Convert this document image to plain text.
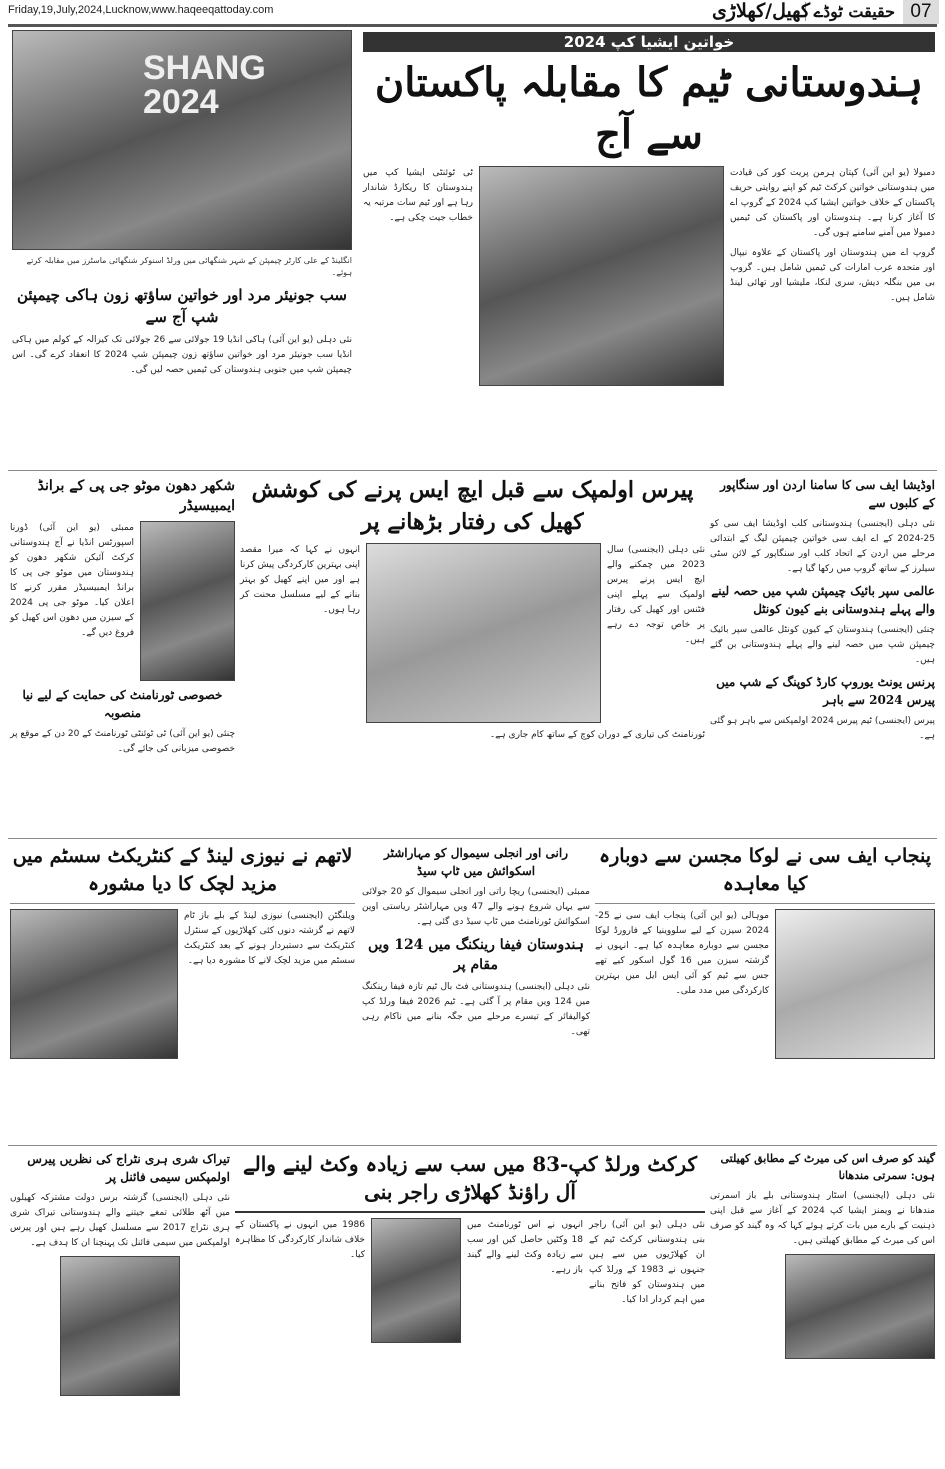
Friday,19,July,2024,Lucknow,www.haqeeqattoday.com	07
حقیقت ٹوڈے
کھیل/کھلاڑی
SHANG
2024
انگلینڈ کے علی کارٹر چیمپئن کے شہر شنگھائی میں ورلڈ اسنوکر شنگھائی ماسٹرز میں مقابلہ کرتے ہوئے۔
سب جونیئر مرد اور خواتین ساؤتھ زون ہاکی چیمپئن شپ آج سے
نئی دہلی (یو این آئی) ہاکی انڈیا 19 جولائی سے 26 جولائی تک کیرالہ کے کولم میں ہاکی انڈیا سب جونیئر مرد اور خواتین ساؤتھ زون چیمپئن شپ 2024 کا انعقاد کرے گی۔ اس چیمپئن شپ میں جنوبی ہندوستان کی ٹیمیں حصہ لیں گی۔
خواتین ایشیا کپ 2024
ہندوستانی ٹیم کا مقابلہ پاکستان سے آج
ٹی ٹوئنٹی ایشیا کپ میں ہندوستان کا ریکارڈ شاندار رہا ہے اور ٹیم سات مرتبہ یہ خطاب جیت چکی ہے۔
دمبولا (یو این آئی) کپتان ہرمن پریت کور کی قیادت میں ہندوستانی خواتین کرکٹ ٹیم کو اپنے روایتی حریف پاکستان کے خلاف خواتین ایشیا کپ 2024 کے گروپ اے کا آغاز کرنا ہے۔ ہندوستان اور پاکستان کی ٹیمیں دمبولا میں آمنے سامنے ہوں گی۔
گروپ اے میں ہندوستان اور پاکستان کے علاوہ نیپال اور متحدہ عرب امارات کی ٹیمیں شامل ہیں۔ گروپ بی میں بنگلہ دیش، سری لنکا، ملیشیا اور تھائی لینڈ شامل ہیں۔
شکھر دھون موٹو جی پی کے برانڈ ایمبیسیڈر
ممبئی (یو این آئی) ڈورنا اسپورٹس انڈیا نے آج ہندوستانی کرکٹ آئیکن شکھر دھون کو ہندوستان میں موٹو جی پی کا برانڈ ایمبیسیڈر مقرر کرنے کا اعلان کیا۔ موٹو جی پی 2024 کے سیزن میں دھون اس کھیل کو فروغ دیں گے۔
خصوصی ٹورنامنٹ کی حمایت کے لیے نیا منصوبہ
چنئی (یو این آئی) ٹی ٹوئنٹی ٹورنامنٹ کے 20 دن کے موقع پر خصوصی میزبانی کی جائے گی۔
پیرس اولمپک سے قبل ایچ ایس پرنے کی کوشش کھیل کی رفتار بڑھانے پر
انہوں نے کہا کہ میرا مقصد اپنی بہترین کارکردگی پیش کرنا ہے اور میں اپنے کھیل کو بہتر بنانے کے لیے مسلسل محنت کر رہا ہوں۔
نئی دہلی (ایجنسی) سال 2023 میں چمکنے والے ایچ ایس پرنے پیرس اولمپک سے پہلے اپنی فٹنس اور کھیل کی رفتار پر خاص توجہ دے رہے ہیں۔
ٹورنامنٹ کی تیاری کے دوران کوچ کے ساتھ کام جاری ہے۔
اوڈیشا ایف سی کا سامنا اردن اور سنگاپور کے کلبوں سے
نئی دہلی (ایجنسی) ہندوستانی کلب اوڈیشا ایف سی کو 25-2024 کے اے ایف سی خواتین چیمپئن لیگ کے ابتدائی مرحلے میں اردن کے اتحاد کلب اور سنگاپور کے لائن سٹی سیلرز کے ساتھ گروپ میں رکھا گیا ہے۔
عالمی سپر بائیک چیمپئن شپ میں حصہ لینے والے پہلے ہندوستانی بنے کیون کونٹل
چنئی (ایجنسی) ہندوستان کے کیون کونٹل عالمی سپر بائیک چیمپئن شپ میں حصہ لینے والے پہلے ہندوستانی بن گئے ہیں۔
پرنس یونٹ یوروپ کارڈ کوپنگ کے شپ میں پیرس 2024 سے باہر
پیرس (ایجنسی) ٹیم پیرس 2024 اولمپکس سے باہر ہو گئی ہے۔
لاتھم نے نیوزی لینڈ کے کنٹریکٹ سسٹم میں مزید لچک کا دیا مشورہ
ویلنگٹن (ایجنسی) نیوزی لینڈ کے بلے باز ٹام لاتھم نے گزشتہ دنوں کئی کھلاڑیوں کے سنٹرل کنٹریکٹ سے دستبردار ہونے کے بعد کنٹریکٹ سسٹم میں مزید لچک لانے کا مشورہ دیا ہے۔
رانی اور انجلی سیموال کو مہاراشٹر اسکوائش میں ٹاپ سیڈ
ممبئی (ایجنسی) ریچا راتی اور انجلی سیموال کو 20 جولائی سے یہاں شروع ہونے والے 47 ویں مہاراشٹر ریاستی اوپن اسکوائش ٹورنامنٹ میں ٹاپ سیڈ دی گئی ہے۔
ہندوستان فیفا رینکنگ میں 124 ویں مقام پر
نئی دہلی (ایجنسی) ہندوستانی فٹ بال ٹیم تازہ فیفا رینکنگ میں 124 ویں مقام پر آ گئی ہے۔ ٹیم 2026 فیفا ورلڈ کپ کوالیفائر کے تیسرے مرحلے میں جگہ بنانے میں ناکام رہی تھی۔
پنجاب ایف سی نے لوکا مجسن سے دوبارہ کیا معاہدہ
موہالی (یو این آئی) پنجاب ایف سی نے 25-2024 سیزن کے لیے سلووینیا کے فارورڈ لوکا مجسن سے دوبارہ معاہدہ کیا ہے۔ انہوں نے گزشتہ سیزن میں 16 گول اسکور کیے تھے جس سے ٹیم کو آئی ایس ایل میں بہترین کارکردگی میں مدد ملی۔
تیراک شری ہری نٹراج کی نظریں پیرس اولمپکس سیمی فائنل پر
نئی دہلی (ایجنسی) گزشتہ برس دولت مشترکہ کھیلوں میں آٹھ طلائی تمغے جیتنے والے ہندوستانی تیراک شری ہری نٹراج 2017 سے مسلسل کھیل رہے ہیں اور پیرس اولمپکس میں سیمی فائنل تک پہنچنا ان کا ہدف ہے۔
کرکٹ ورلڈ کپ-83 میں سب سے زیادہ وکٹ لینے والے آل راؤنڈ کھلاڑی راجر بنی
1986 میں انہوں نے پاکستان کے خلاف شاندار کارکردگی کا مظاہرہ کیا۔
انہوں نے اس ٹورنامنٹ میں 18 وکٹیں حاصل کیں اور سب سے زیادہ وکٹ لینے والے گیند باز رہے۔
نئی دہلی (یو این آئی) راجر بنی ہندوستانی کرکٹ ٹیم کے ان کھلاڑیوں میں سے ہیں جنہوں نے 1983 کے ورلڈ کپ میں ہندوستان کو فاتح بنانے میں اہم کردار ادا کیا۔
گیند کو صرف اس کی میرٹ کے مطابق کھیلتی ہوں: سمرتی مندھانا
نئی دہلی (ایجنسی) اسٹار ہندوستانی بلے باز اسمرتی مندھانا نے ویمنز ایشیا کپ 2024 کے آغاز سے قبل اپنی ذہنیت کے بارے میں بات کرتے ہوئے کہا کہ وہ گیند کو صرف اس کی میرٹ کے مطابق کھیلتی ہیں۔
